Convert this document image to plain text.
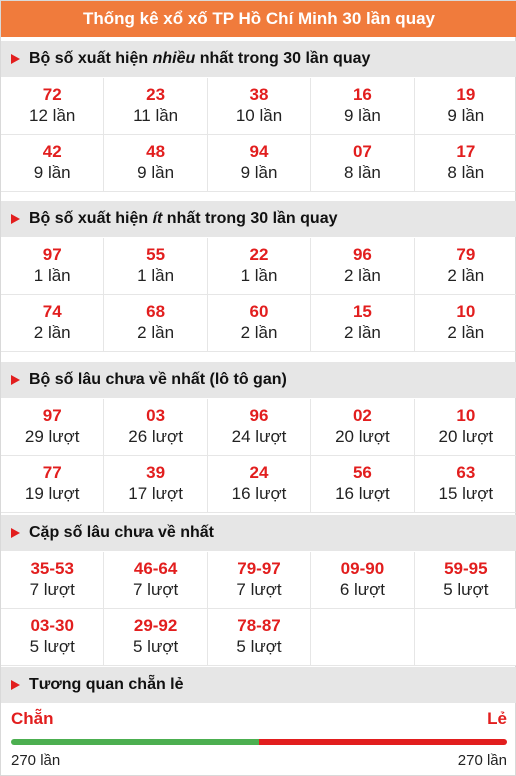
Thống kê xổ xố TP Hồ Chí Minh 30 lần quay
Bộ số xuất hiện nhiều nhất trong 30 lần quay
72
12 lần
23
11 lần
38
10 lần
16
9 lần
19
9 lần
42
9 lần
48
9 lần
94
9 lần
07
8 lần
17
8 lần
Bộ số xuất hiện ít nhất trong 30 lần quay
97
1 lần
55
1 lần
22
1 lần
96
2 lần
79
2 lần
74
2 lần
68
2 lần
60
2 lần
15
2 lần
10
2 lần
Bộ số lâu chưa về nhất (lô tô gan)
97
29 lượt
03
26 lượt
96
24 lượt
02
20 lượt
10
20 lượt
77
19 lượt
39
17 lượt
24
16 lượt
56
16 lượt
63
15 lượt
Cặp số lâu chưa về nhất
35-53
7 lượt
46-64
7 lượt
79-97
7 lượt
09-90
6 lượt
59-95
5 lượt
03-30
5 lượt
29-92
5 lượt
78-87
5 lượt
Tương quan chẵn lẻ
Chẵn	Lẻ
270 lần	270 lần
